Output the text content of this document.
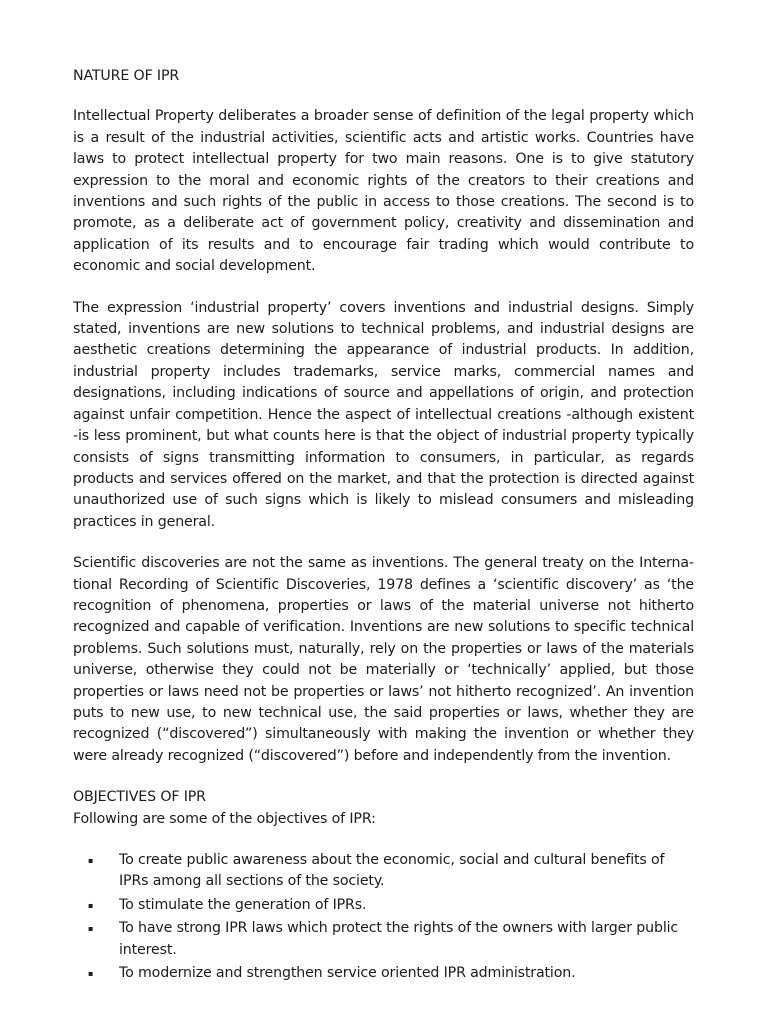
NATURE OF IPR

Intellectual Property deliberates a broader sense of definition of the legal property which is a result of the industrial activities, scientific acts and artistic works. Countries have laws to protect intellectual property for two main reasons. One is to give statutory expression to the moral and economic rights of the creators to their creations and inventions and such rights of the public in access to those creations. The second is to promote, as a deliberate act of government policy, creativity and dissemination and application of its results and to encourage fair trading which would contribute to economic and social development.

The expression ‘industrial property’ covers inventions and industrial designs. Simply stated, inventions are new solutions to technical problems, and industrial designs are aesthetic creations determining the appearance of industrial products. In addition, industrial property includes trademarks, service marks, commercial names and designations, including indications of source and appellations of origin, and protection against unfair competition. Hence the aspect of intellectual creations -although existent -is less prominent, but what counts here is that the object of industrial property typically consists of signs transmitting information to consumers, in particular, as regards products and services offered on the market, and that the protection is directed against unauthorized use of such signs which is likely to mislead consumers and misleading practices in general.

Scientific discoveries are not the same as inventions. The general treaty on the International Recording of Scientific Discoveries, 1978 defines a ‘scientific discovery’ as ‘the recognition of phenomena, properties or laws of the material universe not hitherto recognized and capable of verification. Inventions are new solutions to specific technical problems. Such solutions must, naturally, rely on the properties or laws of the materials universe, otherwise they could not be materially or ‘technically’ applied, but those properties or laws need not be properties or laws’ not hitherto recognized’. An invention puts to new use, to new technical use, the said properties or laws, whether they are recognized (“discovered”) simultaneously with making the invention or whether they were already recognized (“discovered”) before and independently from the invention.

OBJECTIVES OF IPR

Following are some of the objectives of IPR:

▪ To create public awareness about the economic, social and cultural benefits of IPRs among all sections of the society.
▪ To stimulate the generation of IPRs.
▪ To have strong IPR laws which protect the rights of the owners with larger public interest.
▪ To modernize and strengthen service oriented IPR administration.
